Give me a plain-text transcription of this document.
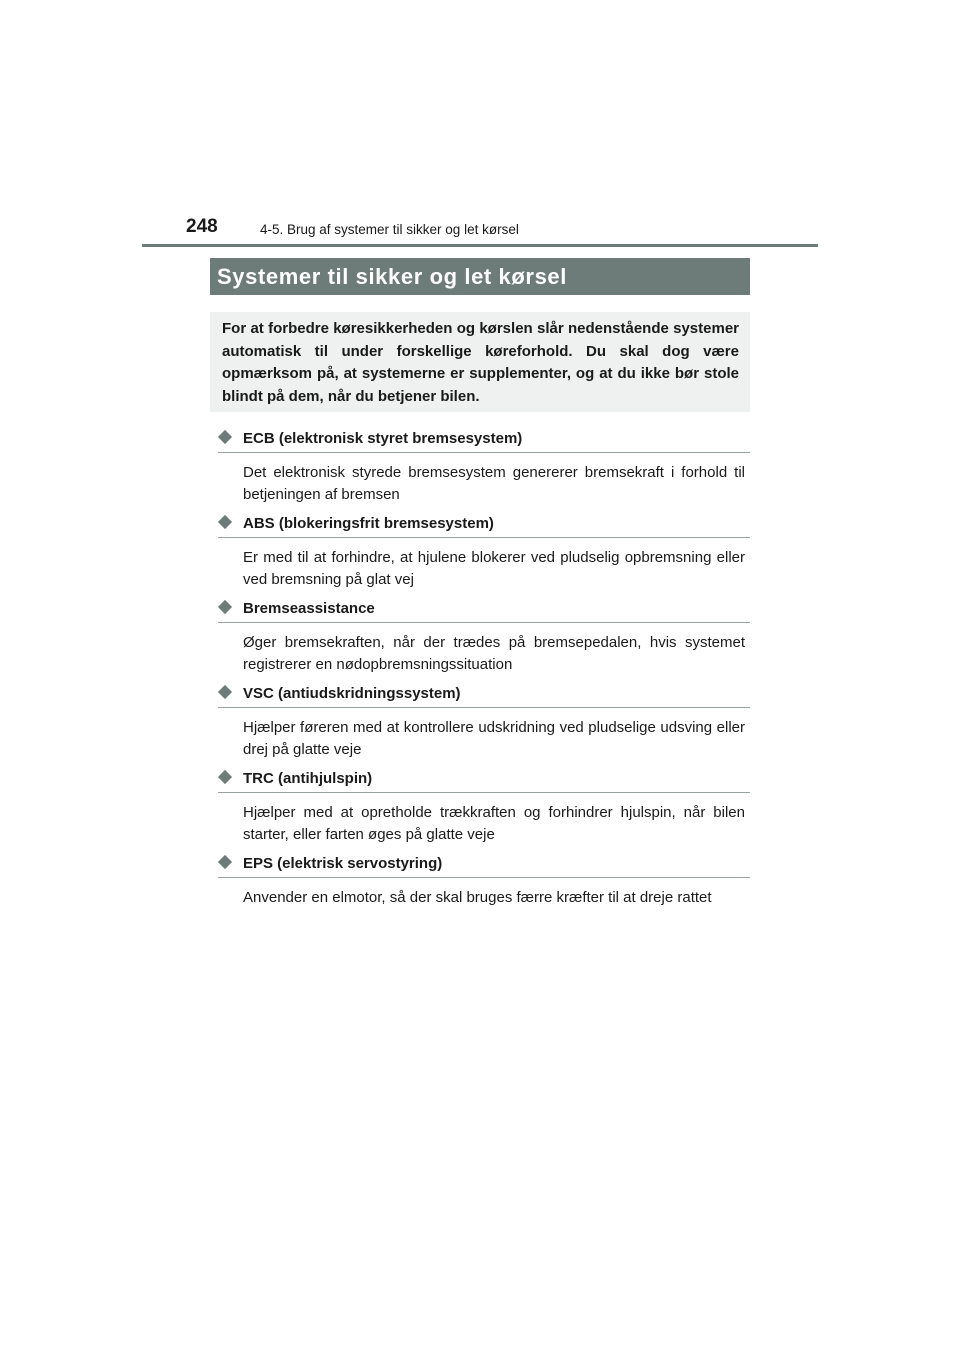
248	4-5. Brug af systemer til sikker og let kørsel
Systemer til sikker og let kørsel

For at forbedre køresikkerheden og kørslen slår nedenstående systemer automatisk til under forskellige køreforhold. Du skal dog være opmærksom på, at systemerne er supplementer, og at du ikke bør stole blindt på dem, når du betjener bilen.

ECB (elektronisk styret bremsesystem)

Det elektronisk styrede bremsesystem genererer bremsekraft i forhold til betjeningen af bremsen

ABS (blokeringsfrit bremsesystem)

Er med til at forhindre, at hjulene blokerer ved pludselig opbremsning eller ved bremsning på glat vej

Bremseassistance

Øger bremsekraften, når der trædes på bremsepedalen, hvis systemet registrerer en nødopbremsningssituation

VSC (antiudskridningssystem)

Hjælper føreren med at kontrollere udskridning ved pludselige udsving eller drej på glatte veje

TRC (antihjulspin)

Hjælper med at opretholde trækkraften og forhindrer hjulspin, når bilen starter, eller farten øges på glatte veje

EPS (elektrisk servostyring)

Anvender en elmotor, så der skal bruges færre kræfter til at dreje rattet
